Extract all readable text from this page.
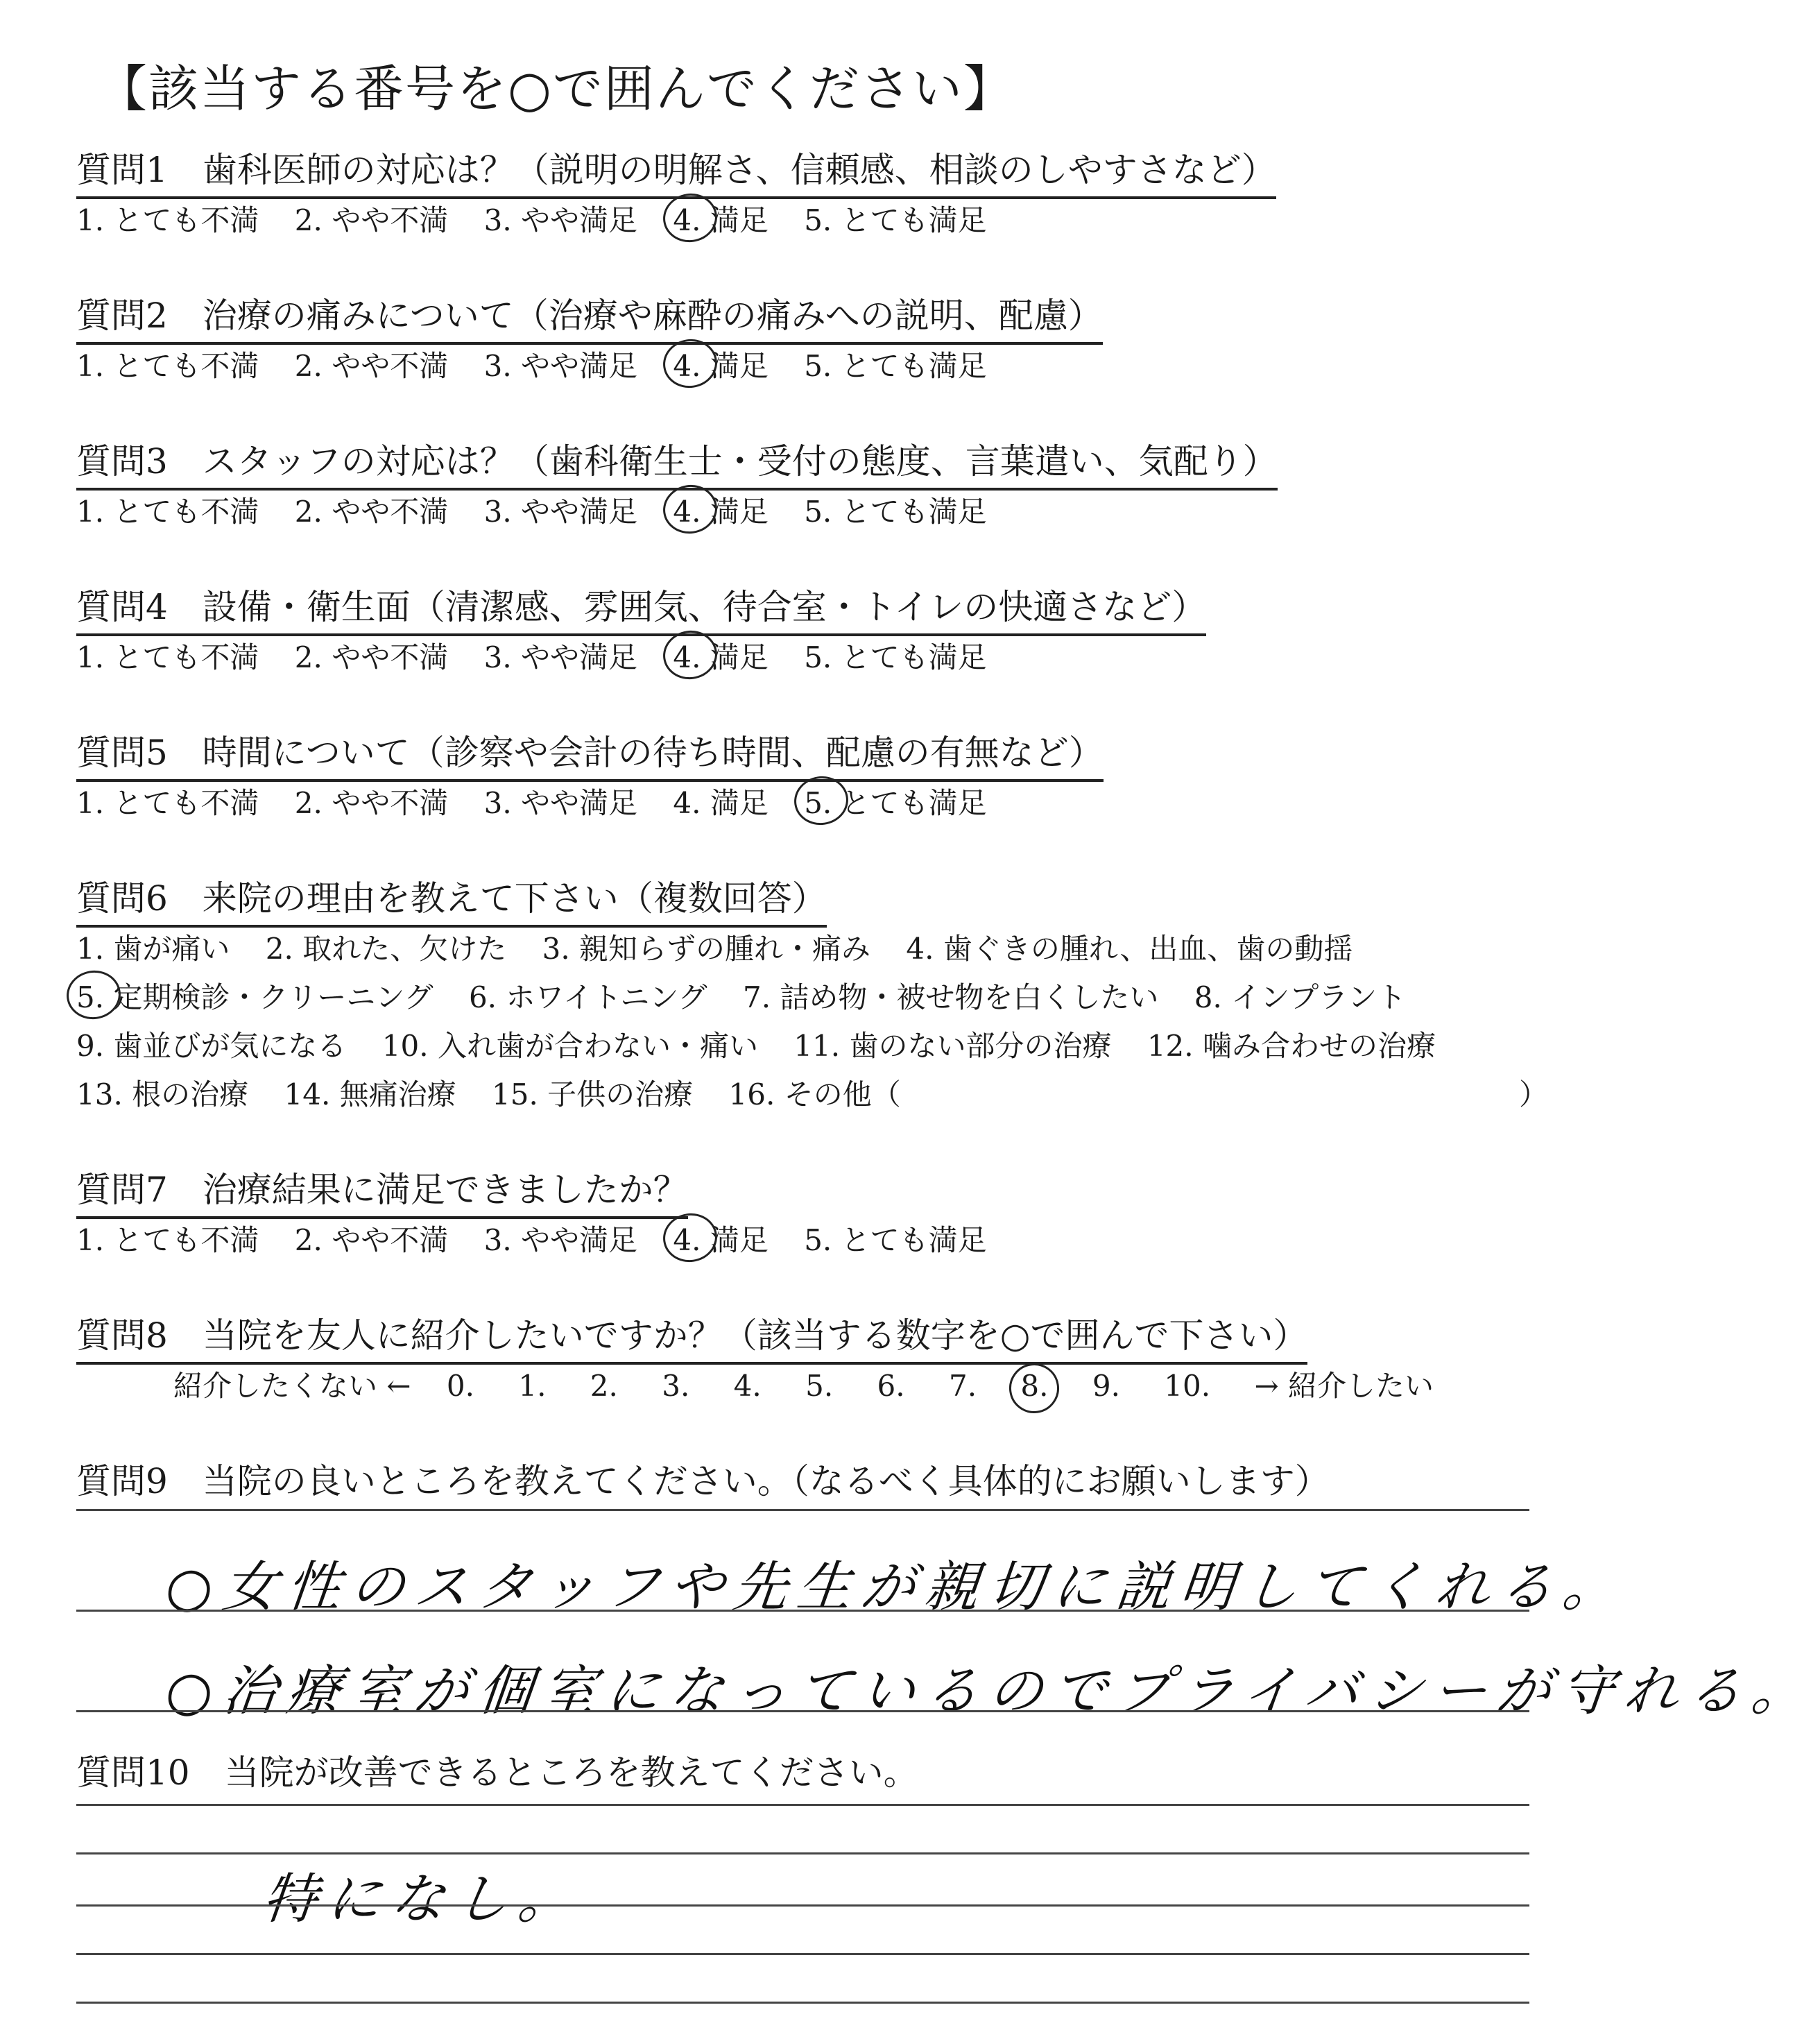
【該当する番号を○で囲んでください】
質問1　歯科医師の対応は？（説明の明解さ、信頼感、相談のしやすさなど）
1. とても不満 2. やや不満 3. やや満足 4. 満足 5. とても満足
質問2　治療の痛みについて（治療や麻酔の痛みへの説明、配慮）
1. とても不満 2. やや不満 3. やや満足 4. 満足 5. とても満足
質問3　スタッフの対応は？（歯科衛生士・受付の態度、言葉遣い、気配り）
1. とても不満 2. やや不満 3. やや満足 4. 満足 5. とても満足
質問4　設備・衛生面（清潔感、雰囲気、待合室・トイレの快適さなど）
1. とても不満 2. やや不満 3. やや満足 4. 満足 5. とても満足
質問5　時間について（診察や会計の待ち時間、配慮の有無など）
1. とても不満 2. やや不満 3. やや満足 4. 満足 5. とても満足
質問6　来院の理由を教えて下さい（複数回答）
1. 歯が痛い 2. 取れた、欠けた 3. 親知らずの腫れ・痛み 4. 歯ぐきの腫れ、出血、歯の動揺
5. 定期検診・クリーニング 6. ホワイトニング 7. 詰め物・被せ物を白くしたい 8. インプラント
9. 歯並びが気になる 10. 入れ歯が合わない・痛い 11. 歯のない部分の治療 12. 噛み合わせの治療
13. 根の治療 14. 無痛治療 15. 子供の治療 16. その他（	）
質問7　治療結果に満足できましたか？
1. とても不満 2. やや不満 3. やや満足 4. 満足 5. とても満足
質問8　当院を友人に紹介したいですか？（該当する数字を○で囲んで下さい）
紹介したくない ← 0. 1. 2. 3. 4. 5. 6. 7. 8. 9. 10. → 紹介したい
質問9　当院の良いところを教えてください。（なるべく具体的にお願いします）
○女性のスタッフや先生が親切に説明してくれる。
○治療室が個室になっているのでプライバシーが守れる。
質問10　当院が改善できるところを教えてください。
特になし。
